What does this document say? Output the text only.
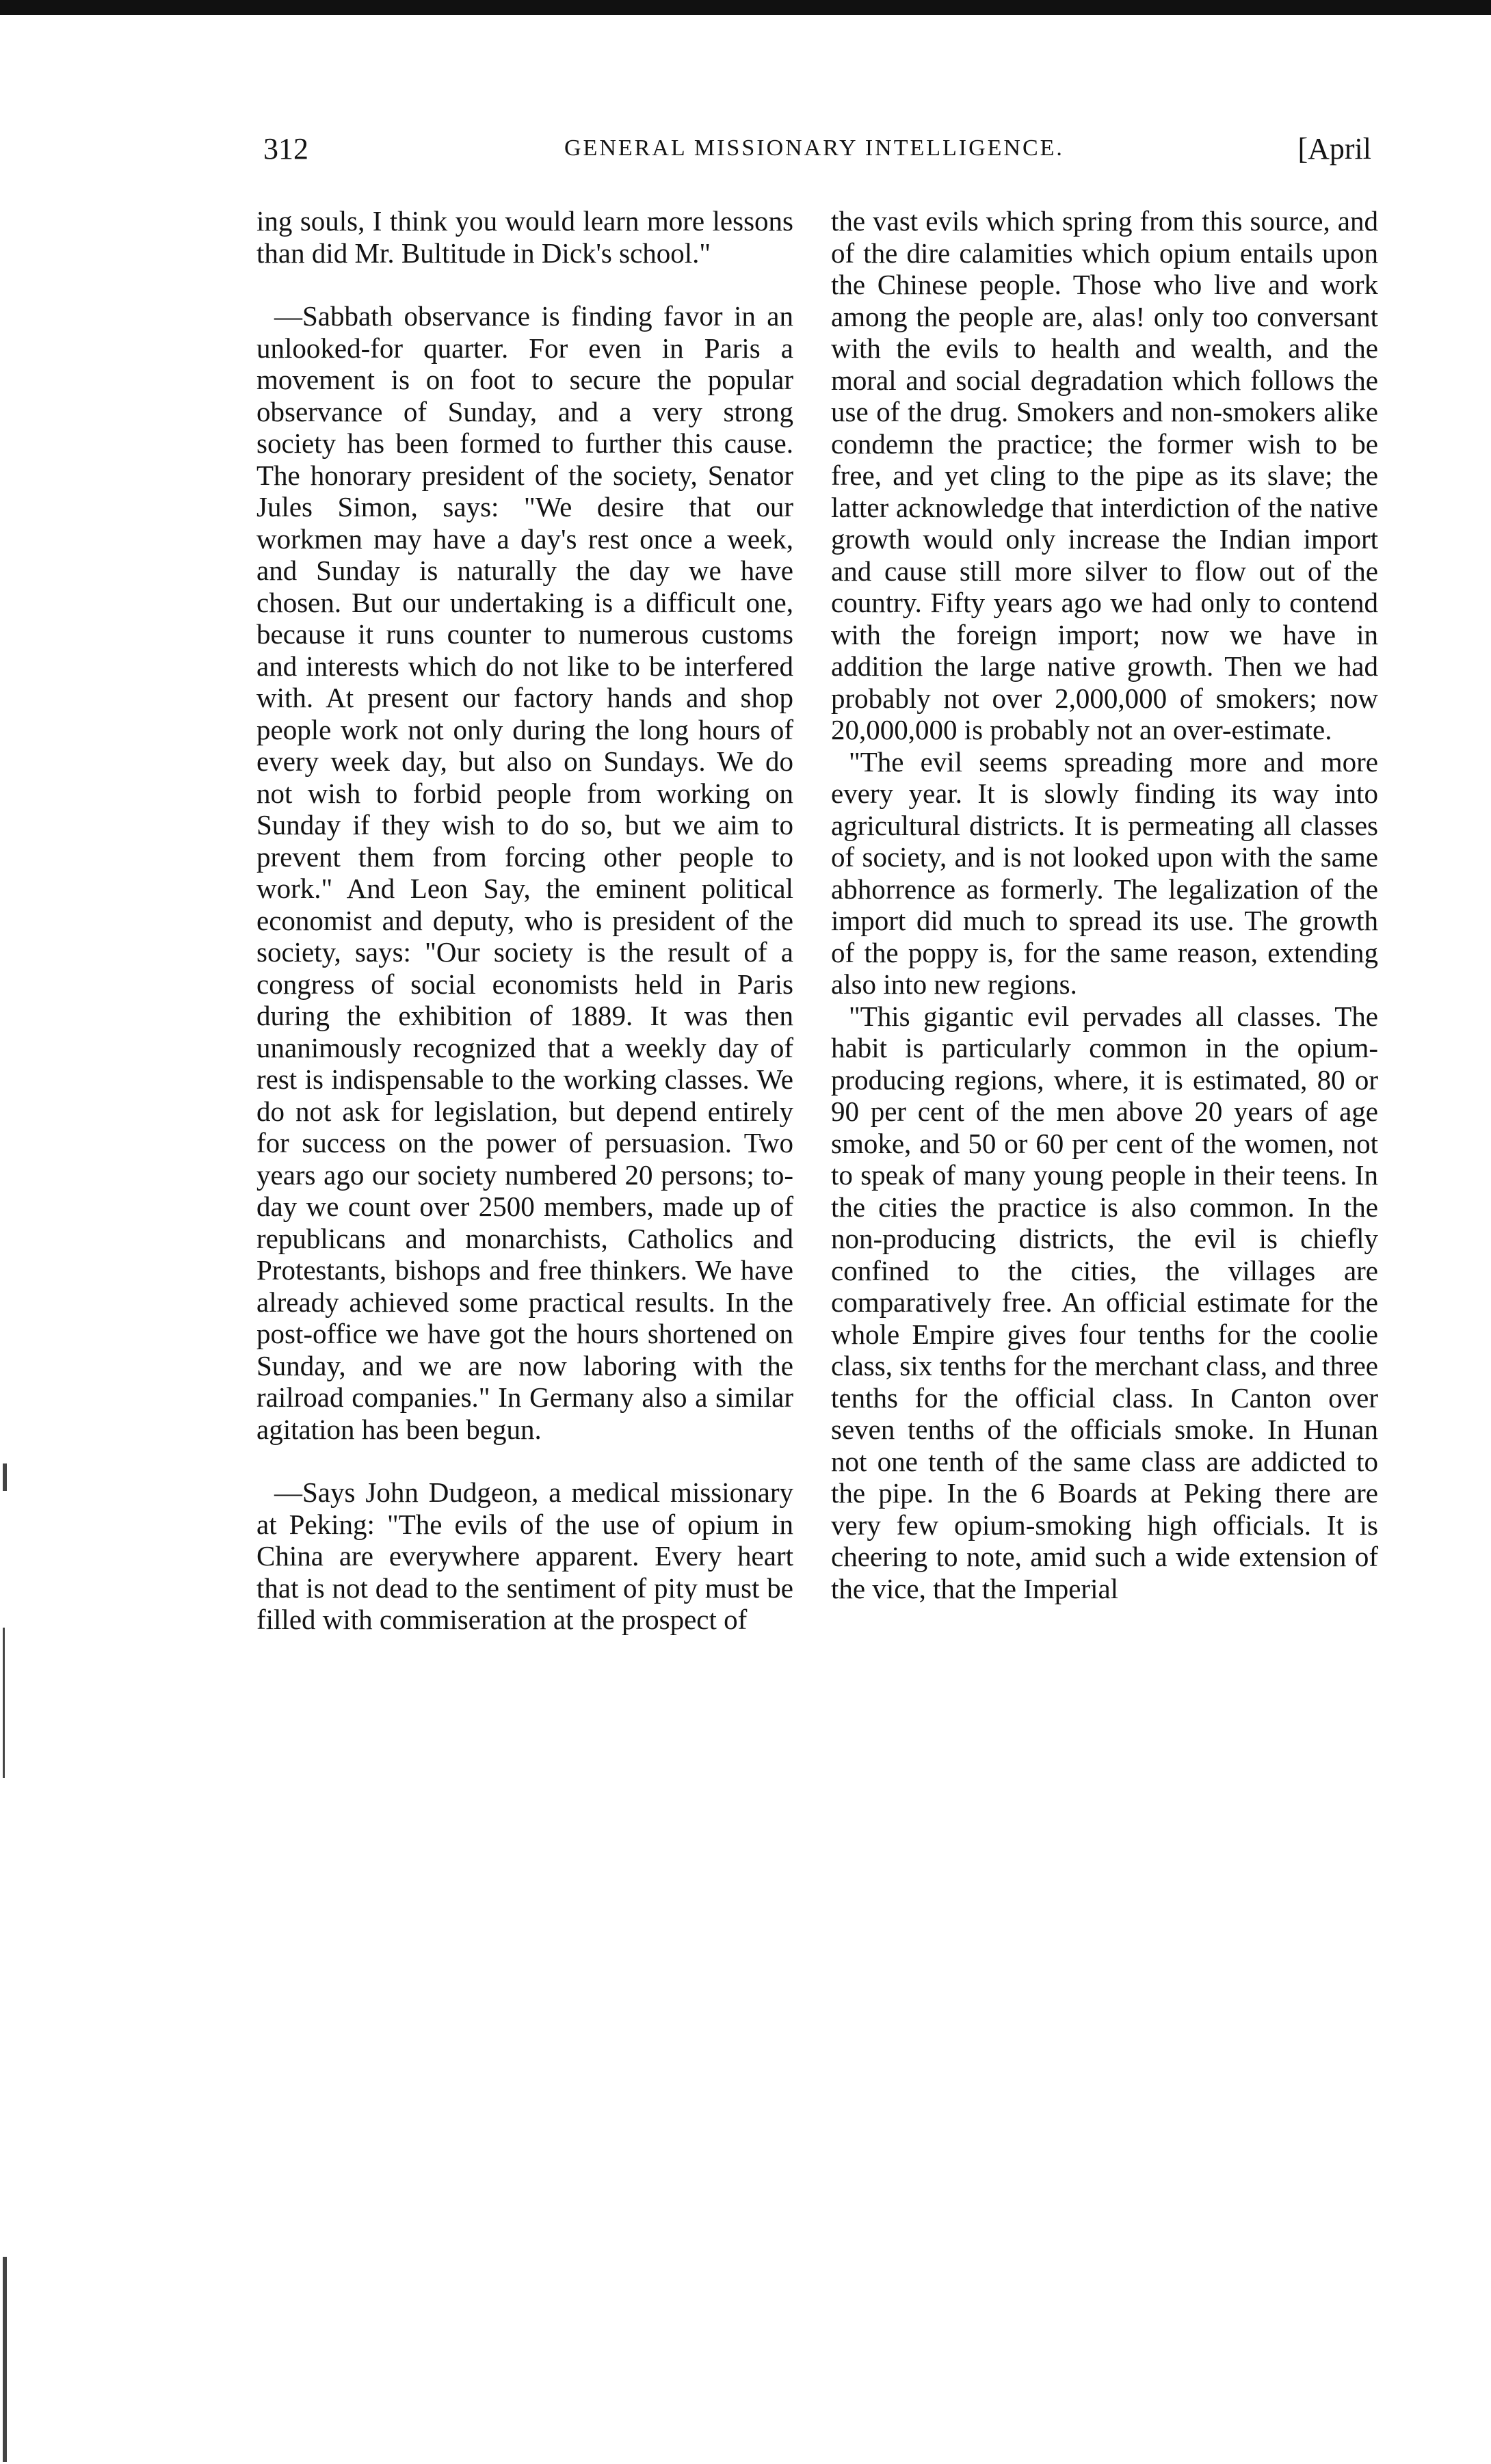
312	GENERAL MISSIONARY INTELLIGENCE.	[April

ing souls, I think you would learn more lessons than did Mr. Bultitude in Dick's school."

—Sabbath observance is finding favor in an unlooked-for quarter. For even in Paris a movement is on foot to secure the popular observance of Sunday, and a very strong society has been formed to further this cause. The honorary president of the society, Senator Jules Simon, says: "We desire that our workmen may have a day's rest once a week, and Sunday is naturally the day we have chosen. But our undertaking is a difficult one, because it runs counter to numerous customs and interests which do not like to be interfered with. At present our factory hands and shop people work not only during the long hours of every week day, but also on Sundays. We do not wish to forbid people from working on Sunday if they wish to do so, but we aim to prevent them from forcing other people to work." And Leon Say, the eminent political economist and deputy, who is president of the society, says: "Our society is the result of a congress of social economists held in Paris during the exhibition of 1889. It was then unanimously recognized that a weekly day of rest is indispensable to the working classes. We do not ask for legislation, but depend entirely for success on the power of persuasion. Two years ago our society numbered 20 persons; to-day we count over 2500 members, made up of republicans and monarchists, Catholics and Protestants, bishops and free thinkers. We have already achieved some practical results. In the post-office we have got the hours shortened on Sunday, and we are now laboring with the railroad companies." In Germany also a similar agitation has been begun.

—Says John Dudgeon, a medical missionary at Peking: "The evils of the use of opium in China are everywhere apparent. Every heart that is not dead to the sentiment of pity must be filled with commiseration at the prospect of

the vast evils which spring from this source, and of the dire calamities which opium entails upon the Chinese people. Those who live and work among the people are, alas! only too conversant with the evils to health and wealth, and the moral and social degradation which follows the use of the drug. Smokers and non-smokers alike condemn the practice; the former wish to be free, and yet cling to the pipe as its slave; the latter acknowledge that interdiction of the native growth would only increase the Indian import and cause still more silver to flow out of the country. Fifty years ago we had only to contend with the foreign import; now we have in addition the large native growth. Then we had probably not over 2,000,000 of smokers; now 20,000,000 is probably not an over-estimate.

"The evil seems spreading more and more every year. It is slowly finding its way into agricultural districts. It is permeating all classes of society, and is not looked upon with the same abhorrence as formerly. The legalization of the import did much to spread its use. The growth of the poppy is, for the same reason, extending also into new regions.

"This gigantic evil pervades all classes. The habit is particularly common in the opium-producing regions, where, it is estimated, 80 or 90 per cent of the men above 20 years of age smoke, and 50 or 60 per cent of the women, not to speak of many young people in their teens. In the cities the practice is also common. In the non-producing districts, the evil is chiefly confined to the cities, the villages are comparatively free. An official estimate for the whole Empire gives four tenths for the coolie class, six tenths for the merchant class, and three tenths for the official class. In Canton over seven tenths of the officials smoke. In Hunan not one tenth of the same class are addicted to the pipe. In the 6 Boards at Peking there are very few opium-smoking high officials. It is cheering to note, amid such a wide extension of the vice, that the Imperial
